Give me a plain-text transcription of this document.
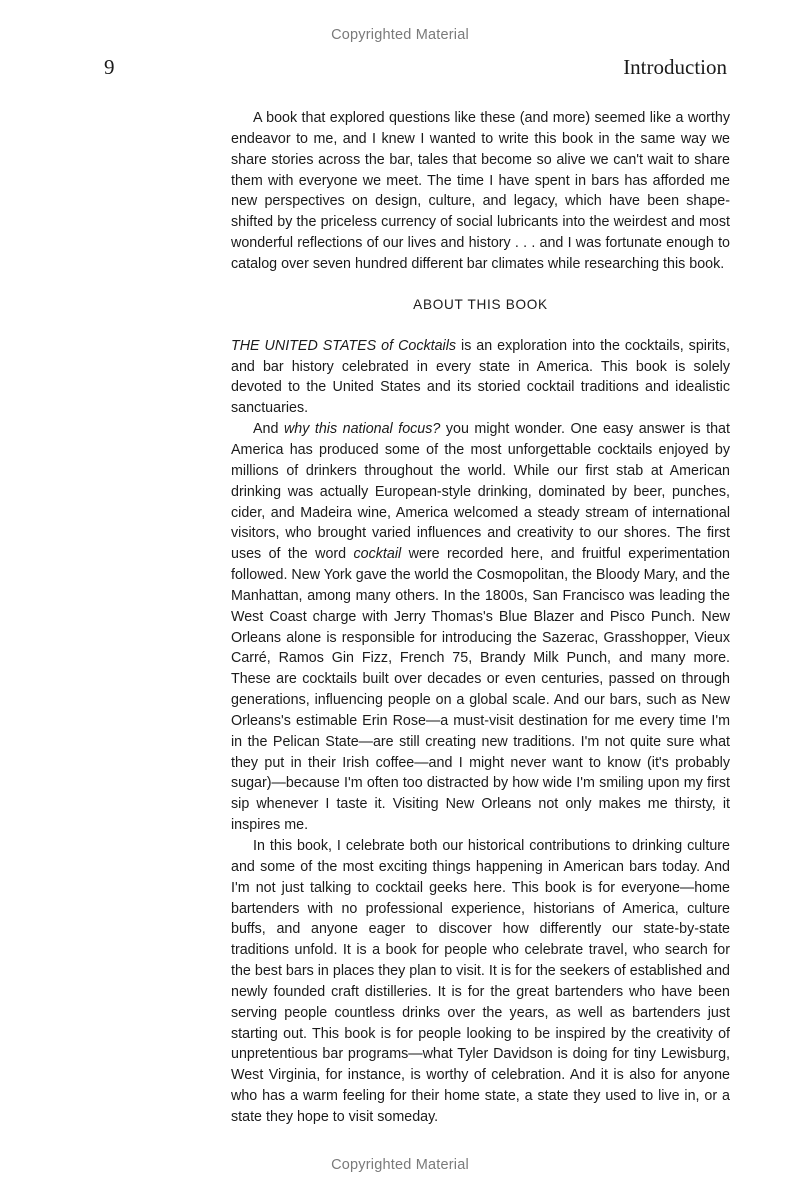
Copyrighted Material
9	Introduction

A book that explored questions like these (and more) seemed like a worthy endeavor to me, and I knew I wanted to write this book in the same way we share stories across the bar, tales that become so alive we can't wait to share them with everyone we meet. The time I have spent in bars has afforded me new perspectives on design, culture, and legacy, which have been shape-shifted by the priceless currency of social lubricants into the weirdest and most wonderful reflections of our lives and history . . . and I was fortunate enough to catalog over seven hundred different bar climates while researching this book.

ABOUT THIS BOOK

THE UNITED STATES of Cocktails is an exploration into the cocktails, spirits, and bar history celebrated in every state in America. This book is solely devoted to the United States and its storied cocktail traditions and idealistic sanctuaries.

And why this national focus? you might wonder. One easy answer is that America has produced some of the most unforgettable cocktails enjoyed by millions of drinkers throughout the world. While our first stab at American drinking was actually European-style drinking, dominated by beer, punches, cider, and Madeira wine, America welcomed a steady stream of international visitors, who brought varied influences and creativity to our shores. The first uses of the word cocktail were recorded here, and fruitful experimentation followed. New York gave the world the Cosmopolitan, the Bloody Mary, and the Manhattan, among many others. In the 1800s, San Francisco was leading the West Coast charge with Jerry Thomas's Blue Blazer and Pisco Punch. New Orleans alone is responsible for introducing the Sazerac, Grasshopper, Vieux Carré, Ramos Gin Fizz, French 75, Brandy Milk Punch, and many more. These are cocktails built over decades or even centuries, passed on through generations, influencing people on a global scale. And our bars, such as New Orleans's estimable Erin Rose—a must-visit destination for me every time I'm in the Pelican State—are still creating new traditions. I'm not quite sure what they put in their Irish coffee—and I might never want to know (it's probably sugar)—because I'm often too distracted by how wide I'm smiling upon my first sip whenever I taste it. Visiting New Orleans not only makes me thirsty, it inspires me.

In this book, I celebrate both our historical contributions to drinking culture and some of the most exciting things happening in American bars today. And I'm not just talking to cocktail geeks here. This book is for everyone—home bartenders with no professional experience, historians of America, culture buffs, and anyone eager to discover how differently our state-by-state traditions unfold. It is a book for people who celebrate travel, who search for the best bars in places they plan to visit. It is for the seekers of established and newly founded craft distilleries. It is for the great bartenders who have been serving people countless drinks over the years, as well as bartenders just starting out. This book is for people looking to be inspired by the creativity of unpretentious bar programs—what Tyler Davidson is doing for tiny Lewisburg, West Virginia, for instance, is worthy of celebration. And it is also for anyone who has a warm feeling for their home state, a state they used to live in, or a state they hope to visit someday.

Copyrighted Material
